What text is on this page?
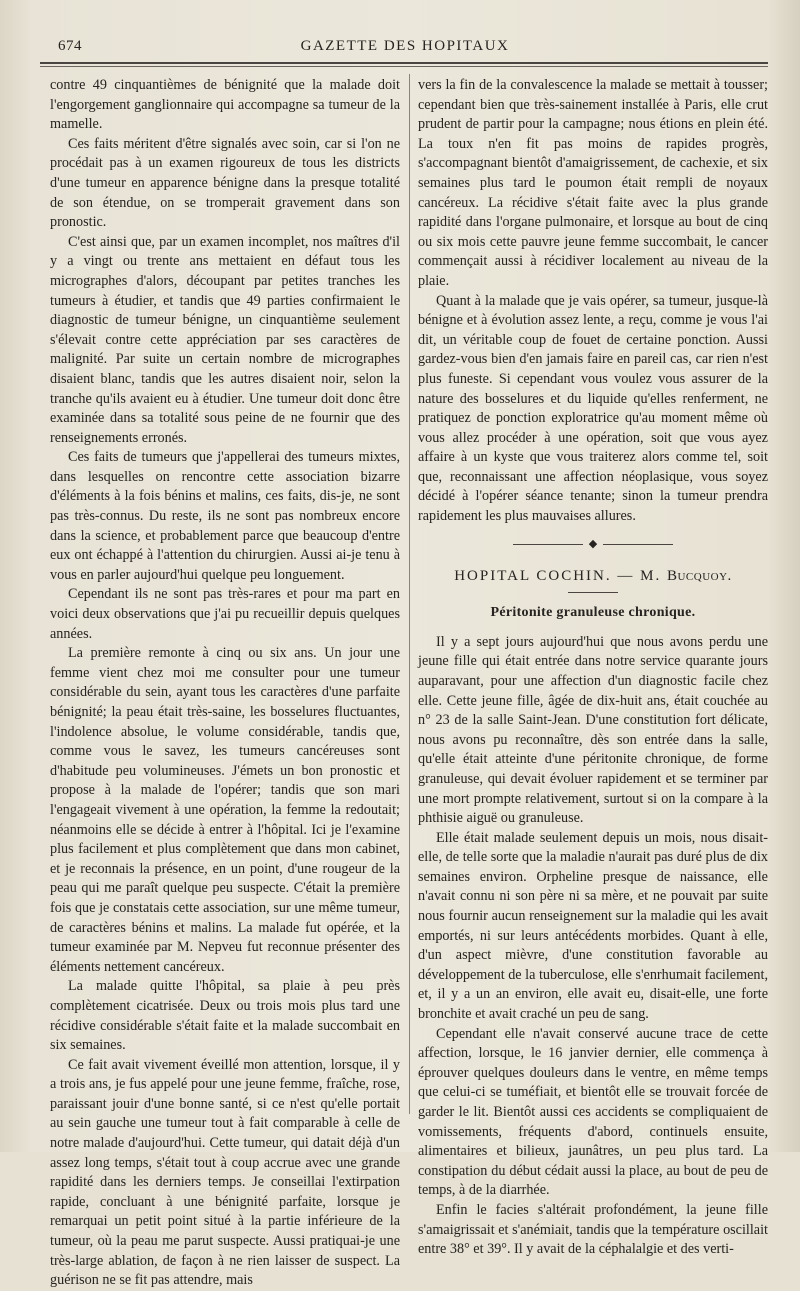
674	GAZETTE DES HOPITAUX

contre 49 cinquantièmes de bénignité que la malade doit l'engorgement ganglionnaire qui accompagne sa tumeur de la mamelle.

Ces faits méritent d'être signalés avec soin, car si l'on ne procédait pas à un examen rigoureux de tous les districts d'une tumeur en apparence bénigne dans la presque totalité de son étendue, on se tromperait gravement dans son pronostic.

C'est ainsi que, par un examen incomplet, nos maîtres d'il y a vingt ou trente ans mettaient en défaut tous les micrographes d'alors, découpant par petites tranches les tumeurs à étudier, et tandis que 49 parties confirmaient le diagnostic de tumeur bénigne, un cinquantième seulement s'élevait contre cette appréciation par ses caractères de malignité. Par suite un certain nombre de micrographes disaient blanc, tandis que les autres disaient noir, selon la tranche qu'ils avaient eu à étudier. Une tumeur doit donc être examinée dans sa totalité sous peine de ne fournir que des renseignements erronés.

Ces faits de tumeurs que j'appellerai des tumeurs mixtes, dans lesquelles on rencontre cette association bizarre d'éléments à la fois bénins et malins, ces faits, dis-je, ne sont pas très-connus. Du reste, ils ne sont pas nombreux encore dans la science, et probablement parce que beaucoup d'entre eux ont échappé à l'attention du chirurgien. Aussi ai-je tenu à vous en parler aujourd'hui quelque peu longuement.

Cependant ils ne sont pas très-rares et pour ma part en voici deux observations que j'ai pu recueillir depuis quelques années.

La première remonte à cinq ou six ans. Un jour une femme vient chez moi me consulter pour une tumeur considérable du sein, ayant tous les caractères d'une parfaite bénignité; la peau était très-saine, les bosselures fluctuantes, l'indolence absolue, le volume considérable, tandis que, comme vous le savez, les tumeurs cancéreuses sont d'habitude peu volumineuses. J'émets un bon pronostic et propose à la malade de l'opérer; tandis que son mari l'engageait vivement à une opération, la femme la redoutait; néanmoins elle se décide à entrer à l'hôpital. Ici je l'examine plus facilement et plus complètement que dans mon cabinet, et je reconnais la présence, en un point, d'une rougeur de la peau qui me paraît quelque peu suspecte. C'était la première fois que je constatais cette association, sur une même tumeur, de caractères bénins et malins. La malade fut opérée, et la tumeur examinée par M. Nepveu fut reconnue présenter des éléments nettement cancéreux.

La malade quitte l'hôpital, sa plaie à peu près complètement cicatrisée. Deux ou trois mois plus tard une récidive considérable s'était faite et la malade succombait en six semaines.

Ce fait avait vivement éveillé mon attention, lorsque, il y a trois ans, je fus appelé pour une jeune femme, fraîche, rose, paraissant jouir d'une bonne santé, si ce n'est qu'elle portait au sein gauche une tumeur tout à fait comparable à celle de notre malade d'aujourd'hui. Cette tumeur, qui datait déjà d'un assez long temps, s'était tout à coup accrue avec une grande rapidité dans les derniers temps. Je conseillai l'extirpation rapide, concluant à une bénignité parfaite, lorsque je remarquai un petit point situé à la partie inférieure de la tumeur, où la peau me parut suspecte. Aussi pratiquai-je une très-large ablation, de façon à ne rien laisser de suspect. La guérison ne se fit pas attendre, mais

vers la fin de la convalescence la malade se mettait à tousser; cependant bien que très-sainement installée à Paris, elle crut prudent de partir pour la campagne; nous étions en plein été. La toux n'en fit pas moins de rapides progrès, s'accompagnant bientôt d'amaigrissement, de cachexie, et six semaines plus tard le poumon était rempli de noyaux cancéreux. La récidive s'était faite avec la plus grande rapidité dans l'organe pulmonaire, et lorsque au bout de cinq ou six mois cette pauvre jeune femme succombait, le cancer commençait aussi à récidiver localement au niveau de la plaie.

Quant à la malade que je vais opérer, sa tumeur, jusque-là bénigne et à évolution assez lente, a reçu, comme je vous l'ai dit, un véritable coup de fouet de certaine ponction. Aussi gardez-vous bien d'en jamais faire en pareil cas, car rien n'est plus funeste. Si cependant vous voulez vous assurer de la nature des bosselures et du liquide qu'elles renferment, ne pratiquez de ponction exploratrice qu'au moment même où vous allez procéder à une opération, soit que vous ayez affaire à un kyste que vous traiterez alors comme tel, soit que, reconnaissant une affection néoplasique, vous soyez décidé à l'opérer séance tenante; sinon la tumeur prendra rapidement les plus mauvaises allures.

◆
HOPITAL COCHIN. — M. Bucquoy.
Péritonite granuleuse chronique.

Il y a sept jours aujourd'hui que nous avons perdu une jeune fille qui était entrée dans notre service quarante jours auparavant, pour une affection d'un diagnostic facile chez elle. Cette jeune fille, âgée de dix-huit ans, était couchée au n° 23 de la salle Saint-Jean. D'une constitution fort délicate, nous avons pu reconnaître, dès son entrée dans la salle, qu'elle était atteinte d'une péritonite chronique, de forme granuleuse, qui devait évoluer rapidement et se terminer par une mort prompte relativement, surtout si on la compare à la phthisie aiguë ou granuleuse.

Elle était malade seulement depuis un mois, nous disait-elle, de telle sorte que la maladie n'aurait pas duré plus de dix semaines environ. Orpheline presque de naissance, elle n'avait connu ni son père ni sa mère, et ne pouvait par suite nous fournir aucun renseignement sur la maladie qui les avait emportés, ni sur leurs antécédents morbides. Quant à elle, d'un aspect mièvre, d'une constitution favorable au développement de la tuberculose, elle s'enrhumait facilement, et, il y a un an environ, elle avait eu, disait-elle, une forte bronchite et avait craché un peu de sang.

Cependant elle n'avait conservé aucune trace de cette affection, lorsque, le 16 janvier dernier, elle commença à éprouver quelques douleurs dans le ventre, en même temps que celui-ci se tuméfiait, et bientôt elle se trouvait forcée de garder le lit. Bientôt aussi ces accidents se compliquaient de vomissements, fréquents d'abord, continuels ensuite, alimentaires et bilieux, jaunâtres, un peu plus tard. La constipation du début cédait aussi la place, au bout de peu de temps, à de la diarrhée.

Enfin le facies s'altérait profondément, la jeune fille s'amaigrissait et s'anémiait, tandis que la température oscillait entre 38° et 39°. Il y avait de la céphalalgie et des verti-
